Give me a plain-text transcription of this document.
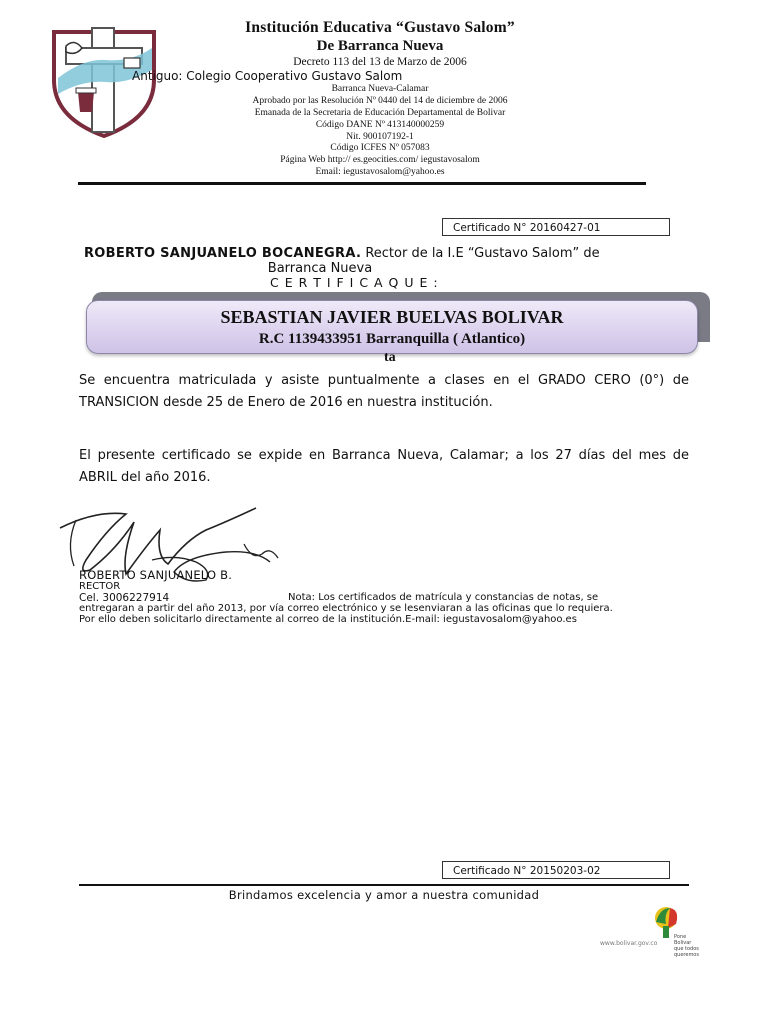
Institución Educativa “Gustavo Salom”
De Barranca Nueva
Decreto 113 del 13 de Marzo de 2006
Antiguo: Colegio Cooperativo Gustavo Salom
Barranca Nueva-Calamar
Aprobado por las Resolución Nº 0440 del 14 de diciembre de 2006
Emanada de la Secretaria de Educación Departamental de Bolivar
Código DANE Nº 413140000259
Nit. 900107192-1
Código ICFES Nº 057083
Página Web http:// es.geocities.com/ iegustavosalom
Email: iegustavosalom@yahoo.es
Certificado N° 20160427-01
ROBERTO SANJUANELO BOCANEGRA. Rector de la I.E “Gustavo Salom” de
Barranca Nueva
C E R T I F I C A Q U E :
SEBASTIAN JAVIER BUELVAS BOLIVAR
R.C 1139433951 Barranquilla ( Atlantico)
ta
Se encuentra matriculada y asiste puntualmente a clases en el GRADO CERO (0°) de TRANSICION desde 25 de Enero de 2016 en nuestra institución.
El presente certificado se expide en Barranca Nueva, Calamar; a los 27 días del mes de ABRIL del año 2016.
ROBERTO SANJUANELO B.
RECTOR
Cel. 3006227914	Nota: Los certificados de matrícula y constancias de notas, se
entregaran a partir del año 2013, por vía correo electrónico y se lesenviaran a las oficinas que lo requiera.
Por ello deben solicitarlo directamente al correo de la institución.E-mail: iegustavosalom@yahoo.es
Certificado N° 20150203-02
Brindamos excelencia y amor a nuestra comunidad
www.bolivar.gov.co
Pone Bolivar
que todos
queremos
